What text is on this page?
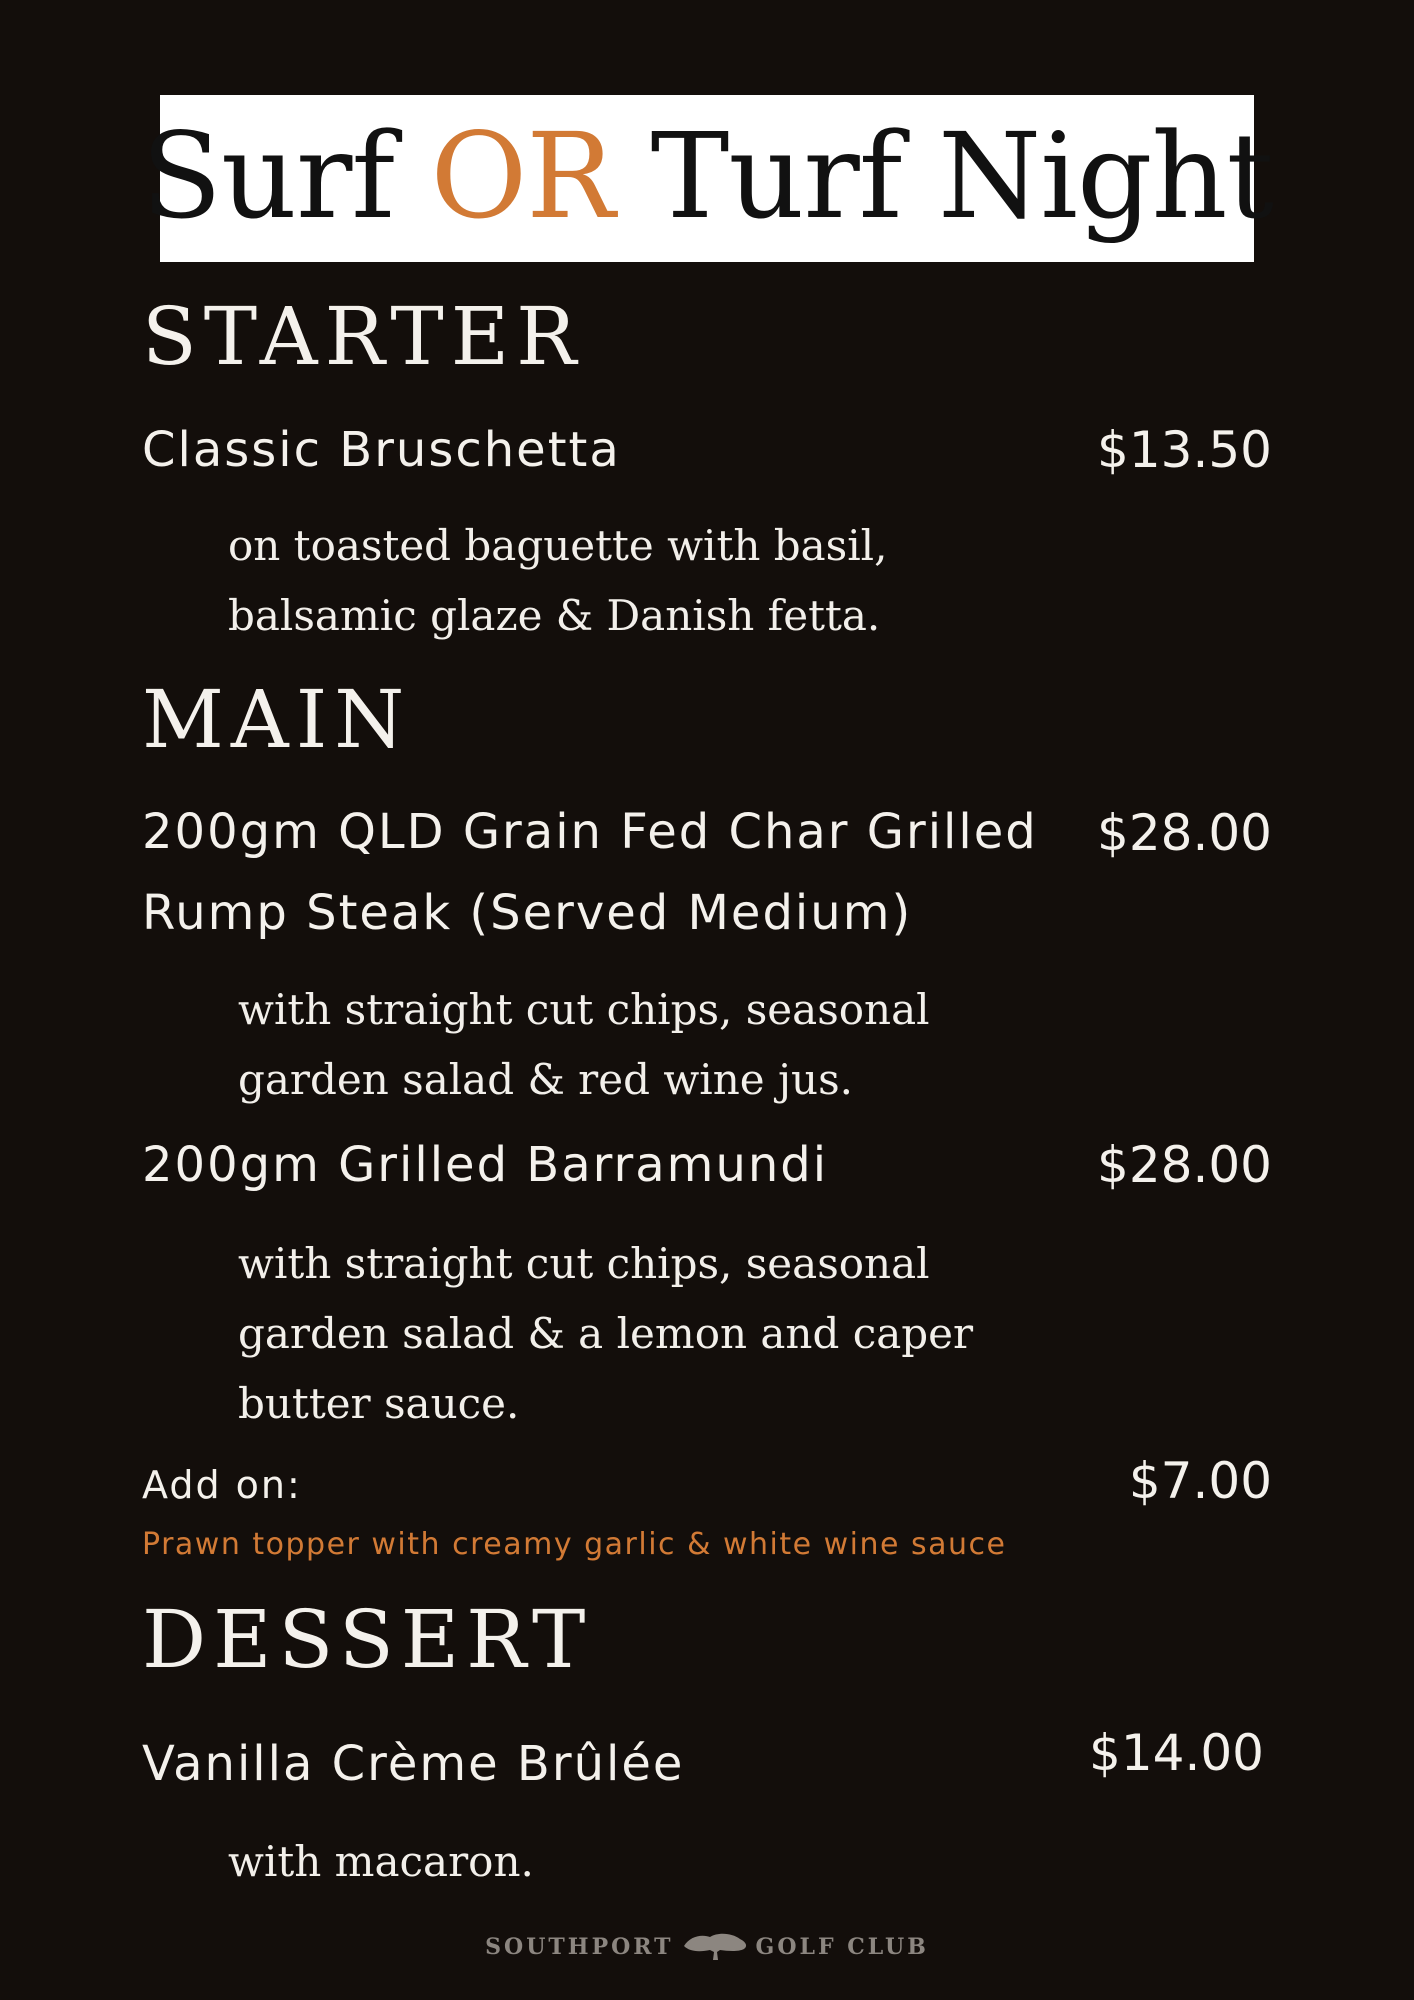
Surf OR Turf Night
STARTER
Classic Bruschetta	$13.50
on toasted baguette with basil,
balsamic glaze & Danish fetta.
MAIN
200gm QLD Grain Fed Char Grilled
Rump Steak (Served Medium)
$28.00
with straight cut chips, seasonal
garden salad & red wine jus.
200gm Grilled Barramundi	$28.00
with straight cut chips, seasonal
garden salad & a lemon and caper
butter sauce.
Add on:	$7.00
Prawn topper with creamy garlic & white wine sauce
DESSERT
Vanilla Crème Brûlée	$14.00
with macaron.
SOUTHPORT	GOLF CLUB
